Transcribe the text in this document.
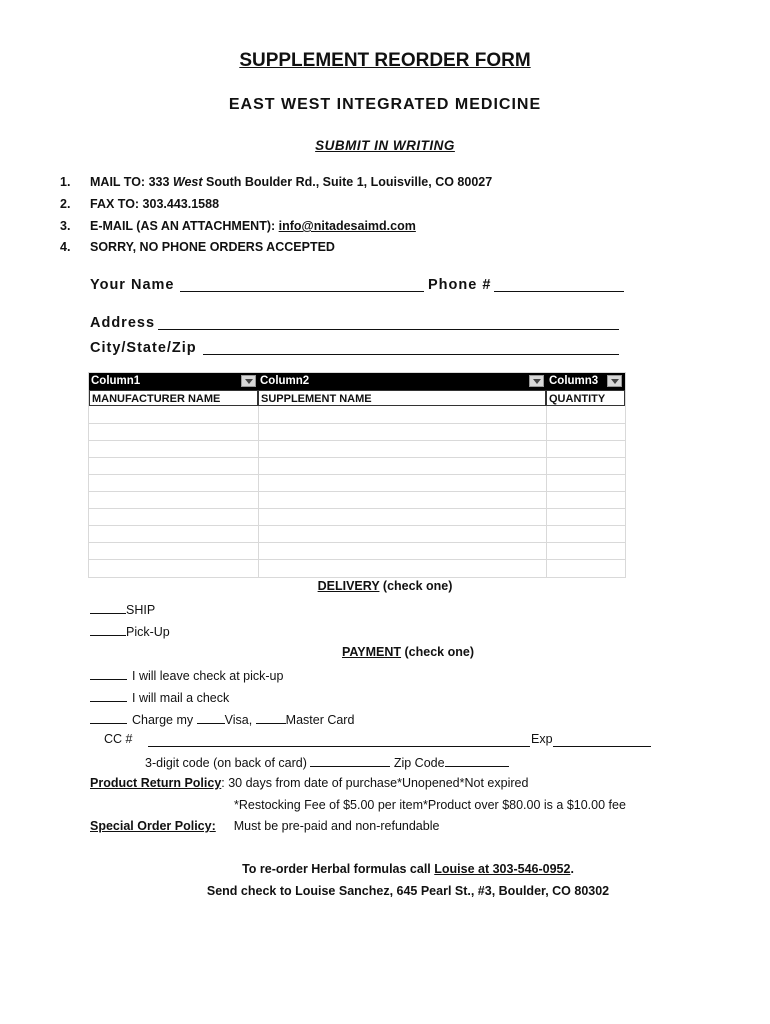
SUPPLEMENT REORDER FORM
EAST WEST INTEGRATED MEDICINE
SUBMIT IN WRITING
1. MAIL TO: 333 West South Boulder Rd., Suite 1, Louisville, CO 80027
2. FAX TO: 303.443.1588
3. E-MAIL (AS AN ATTACHMENT): info@nitadesaimd.com
4. SORRY, NO PHONE ORDERS ACCEPTED
Your Name	Phone #
Address
City/State/Zip
Column1	Column2	Column3
MANUFACTURER NAME	SUPPLEMENT NAME	QUANTITY
DELIVERY (check one)
SHIP
Pick-Up
PAYMENT (check one)
I will leave check at pick-up
I will mail a check
Charge my Visa, Master Card
CC #	Exp
3-digit code (on back of card)	Zip Code
Product Return Policy: 30 days from date of purchase*Unopened*Not expired
*Restocking Fee of $5.00 per item*Product over $80.00 is a $10.00 fee
Special Order Policy: Must be pre-paid and non-refundable
To re-order Herbal formulas call Louise at 303-546-0952.
Send check to Louise Sanchez, 645 Pearl St., #3, Boulder, CO 80302
